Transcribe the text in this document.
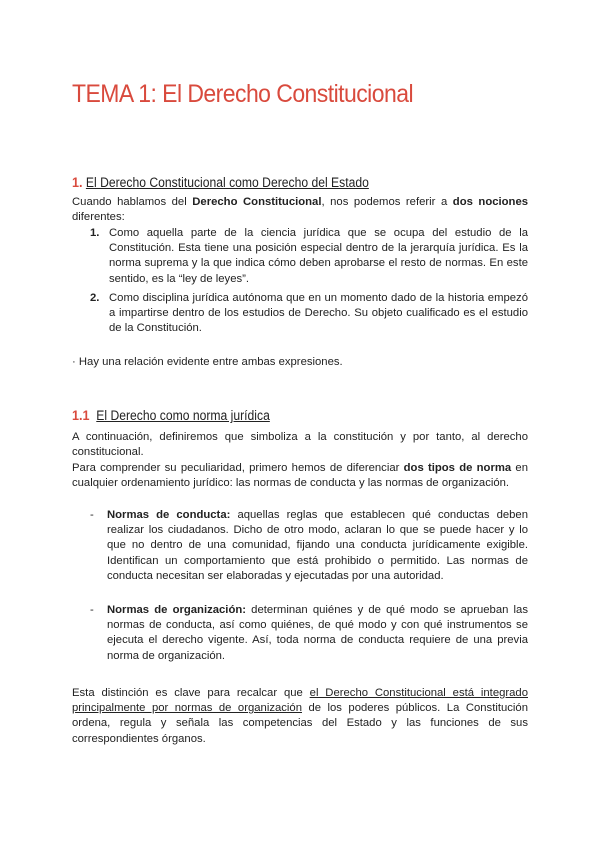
TEMA 1: El Derecho Constitucional
1. El Derecho Constitucional como Derecho del Estado

Cuando hablamos del Derecho Constitucional, nos podemos referir a dos nociones diferentes:

1. Como aquella parte de la ciencia jurídica que se ocupa del estudio de la Constitución. Esta tiene una posición especial dentro de la jerarquía jurídica. Es la norma suprema y la que indica cómo deben aprobarse el resto de normas. En este sentido, es la “ley de leyes”.
2. Como disciplina jurídica autónoma que en un momento dado de la historia empezó a impartirse dentro de los estudios de Derecho. Su objeto cualificado es el estudio de la Constitución.

· Hay una relación evidente entre ambas expresiones.

1.1 El Derecho como norma jurídica

A continuación, definiremos que simboliza a la constitución y por tanto, al derecho constitucional.

Para comprender su peculiaridad, primero hemos de diferenciar dos tipos de norma en cualquier ordenamiento jurídico: las normas de conducta y las normas de organización.

- Normas de conducta: aquellas reglas que establecen qué conductas deben realizar los ciudadanos. Dicho de otro modo, aclaran lo que se puede hacer y lo que no dentro de una comunidad, fijando una conducta jurídicamente exigible. Identifican un comportamiento que está prohibido o permitido. Las normas de conducta necesitan ser elaboradas y ejecutadas por una autoridad.
- Normas de organización: determinan quiénes y de qué modo se aprueban las normas de conducta, así como quiénes, de qué modo y con qué instrumentos se ejecuta el derecho vigente. Así, toda norma de conducta requiere de una previa norma de organización.

Esta distinción es clave para recalcar que el Derecho Constitucional está integrado principalmente por normas de organización de los poderes públicos. La Constitución ordena, regula y señala las competencias del Estado y las funciones de sus correspondientes órganos.
